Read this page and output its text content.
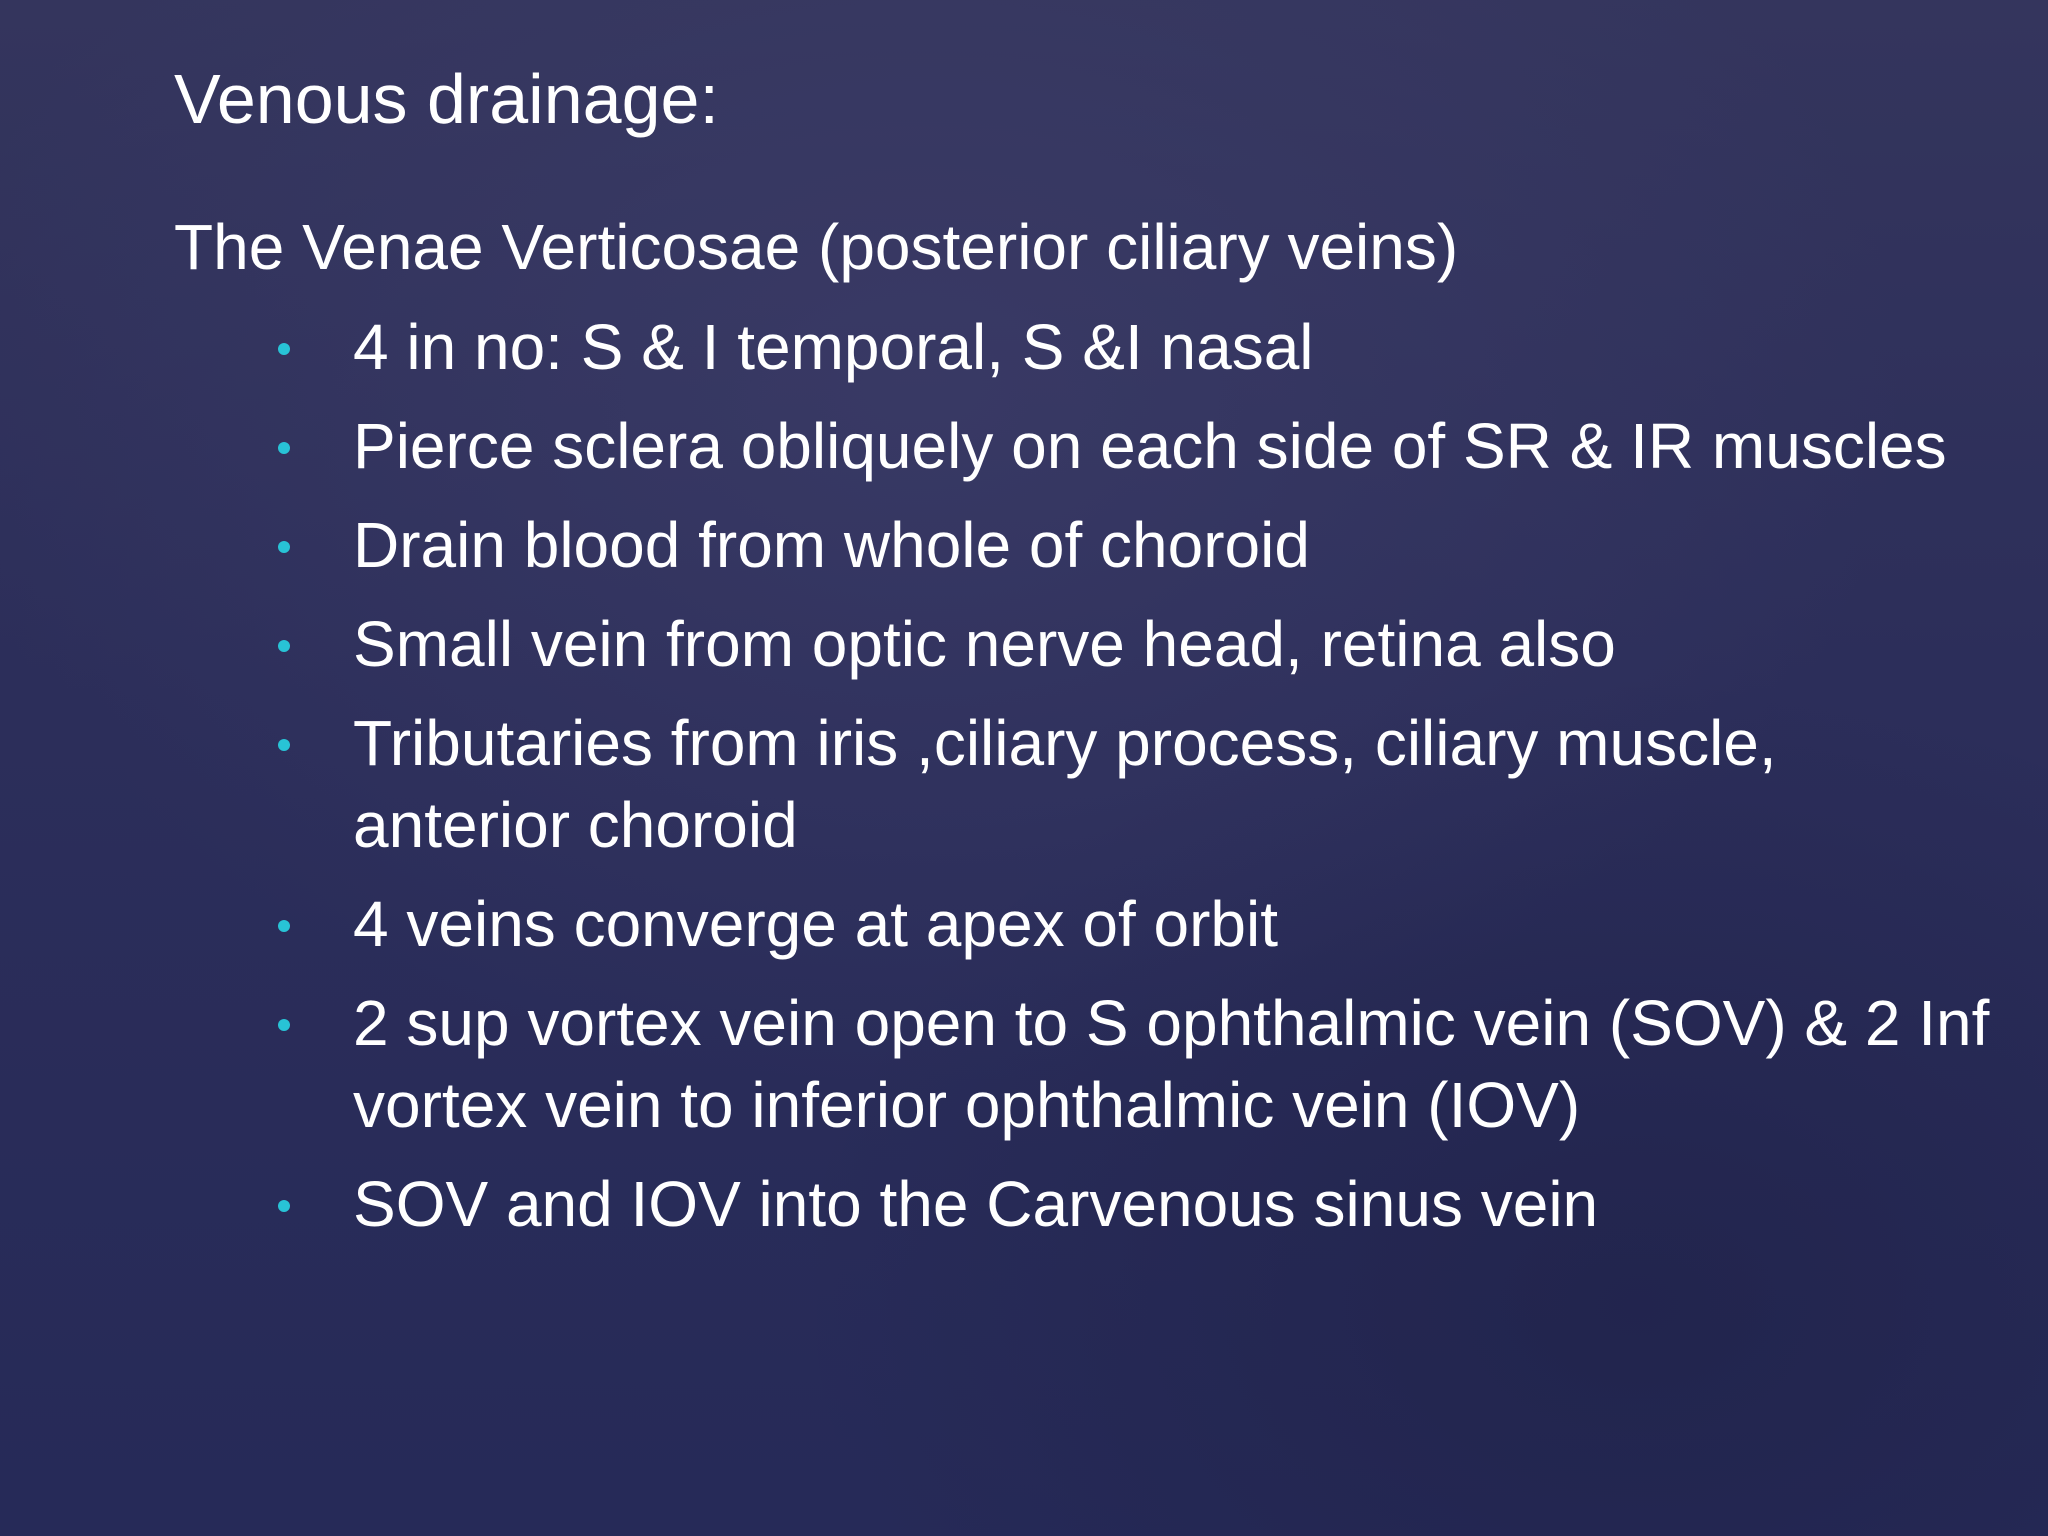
Venous drainage:
The Venae Verticosae (posterior ciliary veins)
4 in no: S & I temporal, S &I nasal
Pierce sclera obliquely on each side of SR & IR muscles
Drain blood from whole of choroid
Small vein from optic nerve head, retina also
Tributaries from iris ,ciliary process, ciliary muscle, anterior choroid
4 veins converge at apex of orbit
2 sup vortex vein open to S ophthalmic vein (SOV) & 2 Inf vortex vein to inferior ophthalmic vein (IOV)
SOV and IOV into the Carvenous sinus vein
